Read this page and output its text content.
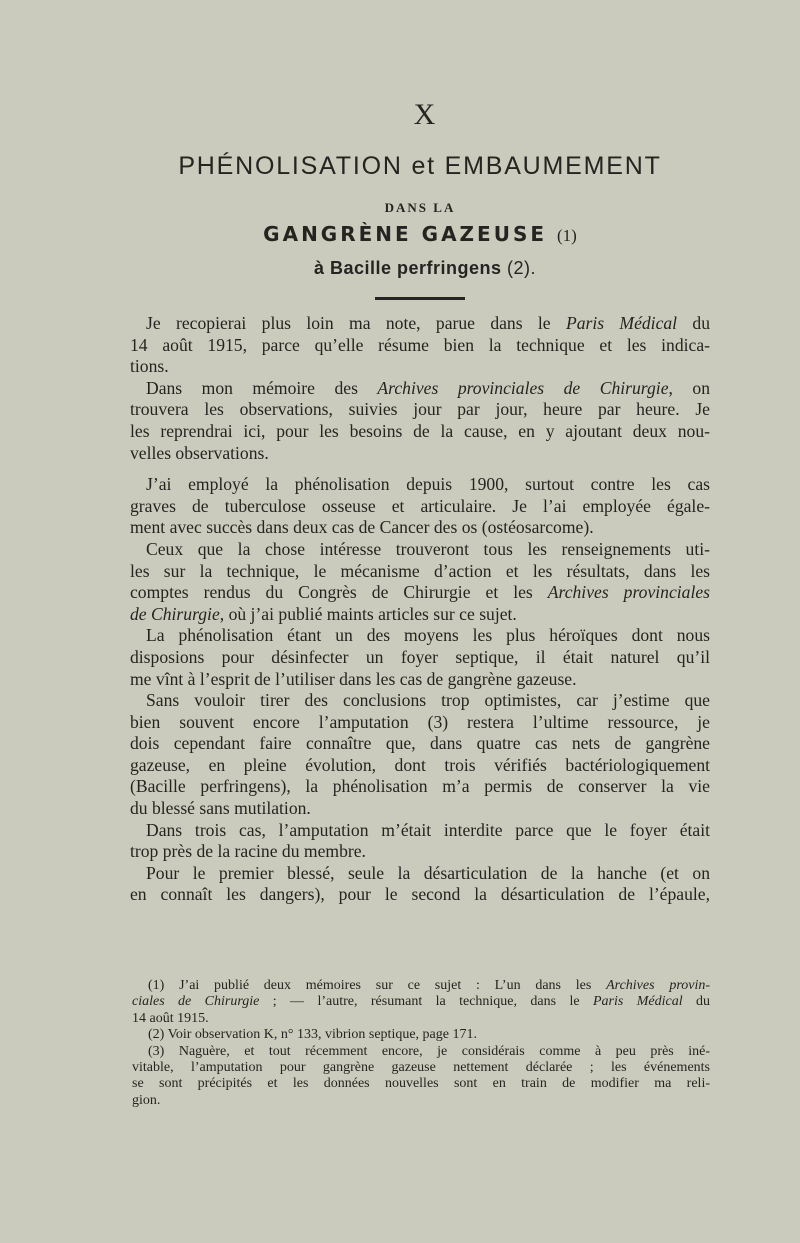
X
PHÉNOLISATION et EMBAUMEMENT
DANS LA
GANGRÈNE GAZEUSE (1)
à Bacille perfringens (2).
Je recopierai plus loin ma note, parue dans le Paris Médical du
14 août 1915, parce qu’elle résume bien la technique et les indica-
tions.
Dans mon mémoire des Archives provinciales de Chirurgie, on
trouvera les observations, suivies jour par jour, heure par heure. Je
les reprendrai ici, pour les besoins de la cause, en y ajoutant deux nou-
velles observations.
J’ai employé la phénolisation depuis 1900, surtout contre les cas
graves de tuberculose osseuse et articulaire. Je l’ai employée égale-
ment avec succès dans deux cas de Cancer des os (ostéosarcome).
Ceux que la chose intéresse trouveront tous les renseignements uti-
les sur la technique, le mécanisme d’action et les résultats, dans les
comptes rendus du Congrès de Chirurgie et les Archives provinciales
de Chirurgie, où j’ai publié maints articles sur ce sujet.
La phénolisation étant un des moyens les plus héroïques dont nous
disposions pour désinfecter un foyer septique, il était naturel qu’il
me vînt à l’esprit de l’utiliser dans les cas de gangrène gazeuse.
Sans vouloir tirer des conclusions trop optimistes, car j’estime que
bien souvent encore l’amputation (3) restera l’ultime ressource, je
dois cependant faire connaître que, dans quatre cas nets de gangrène
gazeuse, en pleine évolution, dont trois vérifiés bactériologiquement
(Bacille perfringens), la phénolisation m’a permis de conserver la vie
du blessé sans mutilation.
Dans trois cas, l’amputation m’était interdite parce que le foyer était
trop près de la racine du membre.
Pour le premier blessé, seule la désarticulation de la hanche (et on
en connaît les dangers), pour le second la désarticulation de l’épaule,
(1) J’ai publié deux mémoires sur ce sujet : L’un dans les Archives provin-
ciales de Chirurgie ; — l’autre, résumant la technique, dans le Paris Médical du
14 août 1915.
(2) Voir observation K, n° 133, vibrion septique, page 171.
(3) Naguère, et tout récemment encore, je considérais comme à peu près iné-
vitable, l’amputation pour gangrène gazeuse nettement déclarée ; les événements
se sont précipités et les données nouvelles sont en train de modifier ma reli-
gion.
